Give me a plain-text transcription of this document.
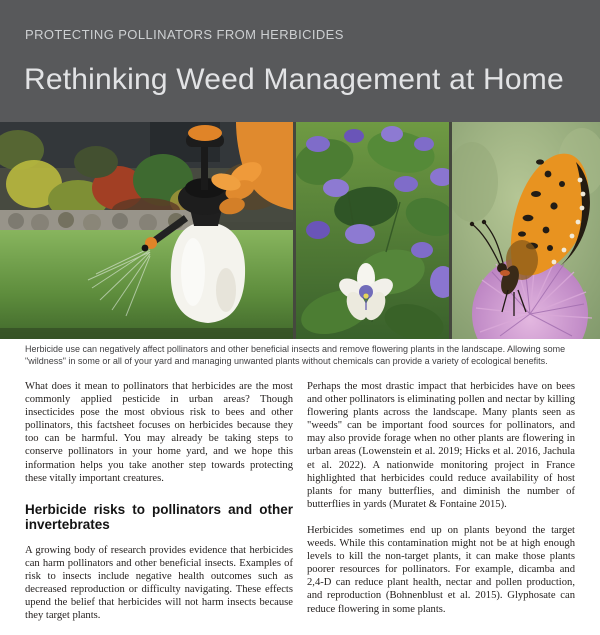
PROTECTING POLLINATORS FROM HERBICIDES
Rethinking Weed Management at Home

Herbicide use can negatively affect pollinators and other beneficial insects and remove flowering plants in the landscape. Allowing some "wildness" in some or all of your yard and managing unwanted plants without chemicals can provide a variety of ecological benefits.

What does it mean to pollinators that herbicides are the most commonly applied pesticide in urban areas? Though insecticides pose the most obvious risk to bees and other pollinators, this factsheet focuses on herbicides because they too can be harmful. You may already be taking steps to conserve pollinators in your home yard, and we hope this information helps you take another step towards protecting these vitally important creatures.

Herbicide risks to pollinators and other invertebrates

A growing body of research provides evidence that herbicides can harm pollinators and other beneficial insects. Examples of risk to insects include negative health outcomes such as decreased reproduction or difficulty navigating. These effects upend the belief that herbicides will not harm insects because they target plants.

Perhaps the most drastic impact that herbicides have on bees and other pollinators is eliminating pollen and nectar by killing flowering plants across the landscape. Many plants seen as "weeds" can be important food sources for pollinators, and may also provide forage when no other plants are flowering in urban areas (Lowenstein et al. 2019; Hicks et al. 2016, Jachula et al. 2022). A nationwide monitoring project in France highlighted that herbicides could reduce availability of host plants for many butterflies, and diminish the number of butterflies in yards (Muratet & Fontaine 2015).

Herbicides sometimes end up on plants beyond the target weeds. While this contamination might not be at high enough levels to kill the non-target plants, it can make those plants poorer resources for pollinators. For example, dicamba and 2,4-D can reduce plant health, nectar and pollen production, and reproduction (Bohnenblust et al. 2015). Glyphosate can reduce flowering in some plants.
